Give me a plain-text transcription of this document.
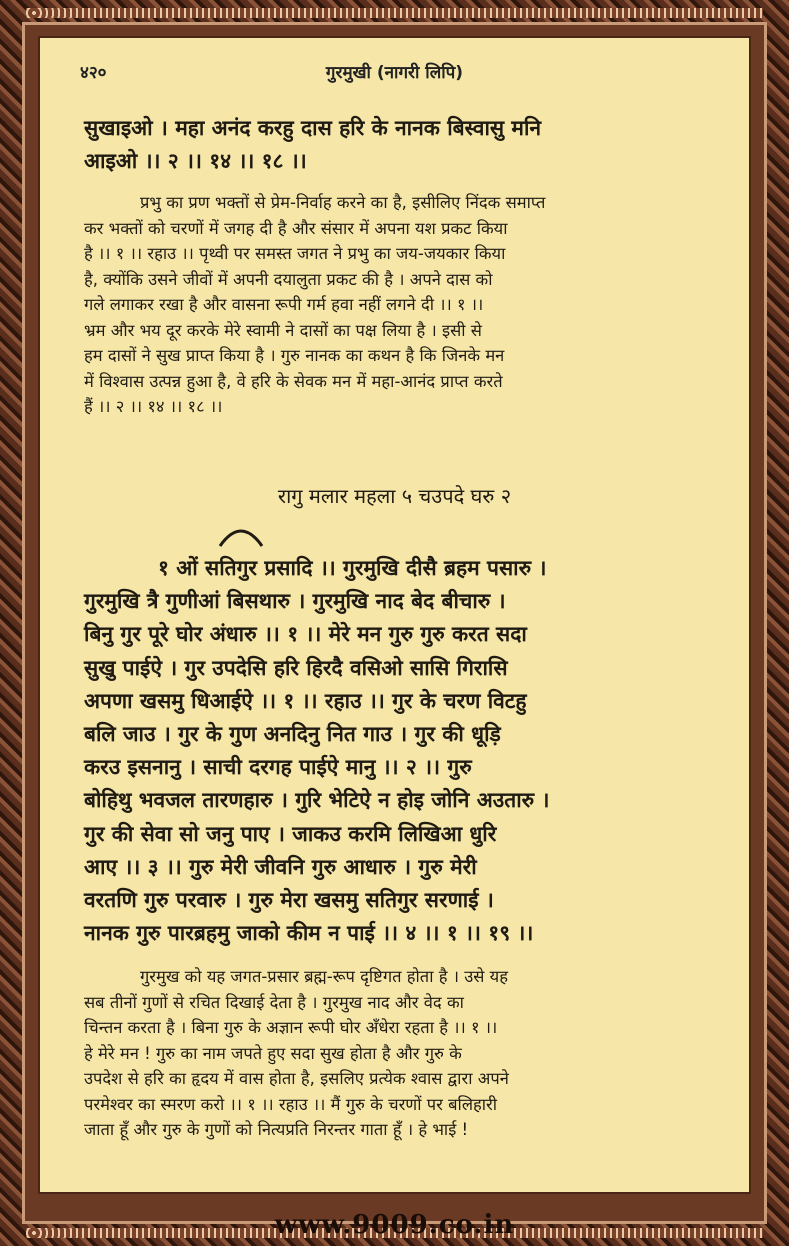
४२०	गुरमुखी (नागरी लिपि)
सुखाइओ । महा अनंद करहु दास हरि के नानक बिस्वासु मनि
आइओ ।। २ ।। १४ ।। १८ ।।
प्रभु का प्रण भक्तों से प्रेम-निर्वाह करने का है, इसीलिए निंदक समाप्त
कर भक्तों को चरणों में जगह दी है और संसार में अपना यश प्रकट किया
है ।। १ ।। रहाउ ।। पृथ्वी पर समस्त जगत ने प्रभु का जय-जयकार किया
है, क्योंकि उसने जीवों में अपनी दयालुता प्रकट की है । अपने दास को
गले लगाकर रखा है और वासना रूपी गर्म हवा नहीं लगने दी ।। १ ।।
भ्रम और भय दूर करके मेरे स्वामी ने दासों का पक्ष लिया है । इसी से
हम दासों ने सुख प्राप्त किया है । गुरु नानक का कथन है कि जिनके मन
में विश्वास उत्पन्न हुआ है, वे हरि के सेवक मन में महा-आनंद प्राप्त करते
हैं ।। २ ।। १४ ।। १८ ।।
रागु मलार महला ५ चउपदे घरु २
१ ओं सतिगुर प्रसादि ।। गुरमुखि दीसै ब्रहम पसारु ।
गुरमुखि त्रै गुणीआं बिसथारु । गुरमुखि नाद बेद बीचारु ।
बिनु गुर पूरे घोर अंधारु ।। १ ।। मेरे मन गुरु गुरु करत सदा
सुखु पाईऐ । गुर उपदेसि हरि हिरदै वसिओ सासि गिरासि
अपणा खसमु धिआईऐ ।। १ ।। रहाउ ।। गुर के चरण विटहु
बलि जाउ । गुर के गुण अनदिनु नित गाउ । गुर की धूड़ि
करउ इसनानु । साची दरगह पाईऐ मानु ।। २ ।। गुरु
बोहिथु भवजल तारणहारु । गुरि भेटिऐ न होइ जोनि अउतारु ।
गुर की सेवा सो जनु पाए । जाकउ करमि लिखिआ धुरि
आए ।। ३ ।। गुरु मेरी जीवनि गुरु आधारु । गुरु मेरी
वरतणि गुरु परवारु । गुरु मेरा खसमु सतिगुर सरणाई ।
नानक गुरु पारब्रहमु जाको कीम न पाई ।। ४ ।। १ ।। १९ ।।
गुरमुख को यह जगत-प्रसार ब्रह्म-रूप दृष्टिगत होता है । उसे यह
सब तीनों गुणों से रचित दिखाई देता है । गुरमुख नाद और वेद का
चिन्तन करता है । बिना गुरु के अज्ञान रूपी घोर अँधेरा रहता है ।। १ ।।
हे मेरे मन ! गुरु का नाम जपते हुए सदा सुख होता है और गुरु के
उपदेश से हरि का हृदय में वास होता है, इसलिए प्रत्येक श्वास द्वारा अपने
परमेश्वर का स्मरण करो ।। १ ।। रहाउ ।। मैं गुरु के चरणों पर बलिहारी
जाता हूँ और गुरु के गुणों को नित्यप्रति निरन्तर गाता हूँ । हे भाई !
www.9009.co.in
